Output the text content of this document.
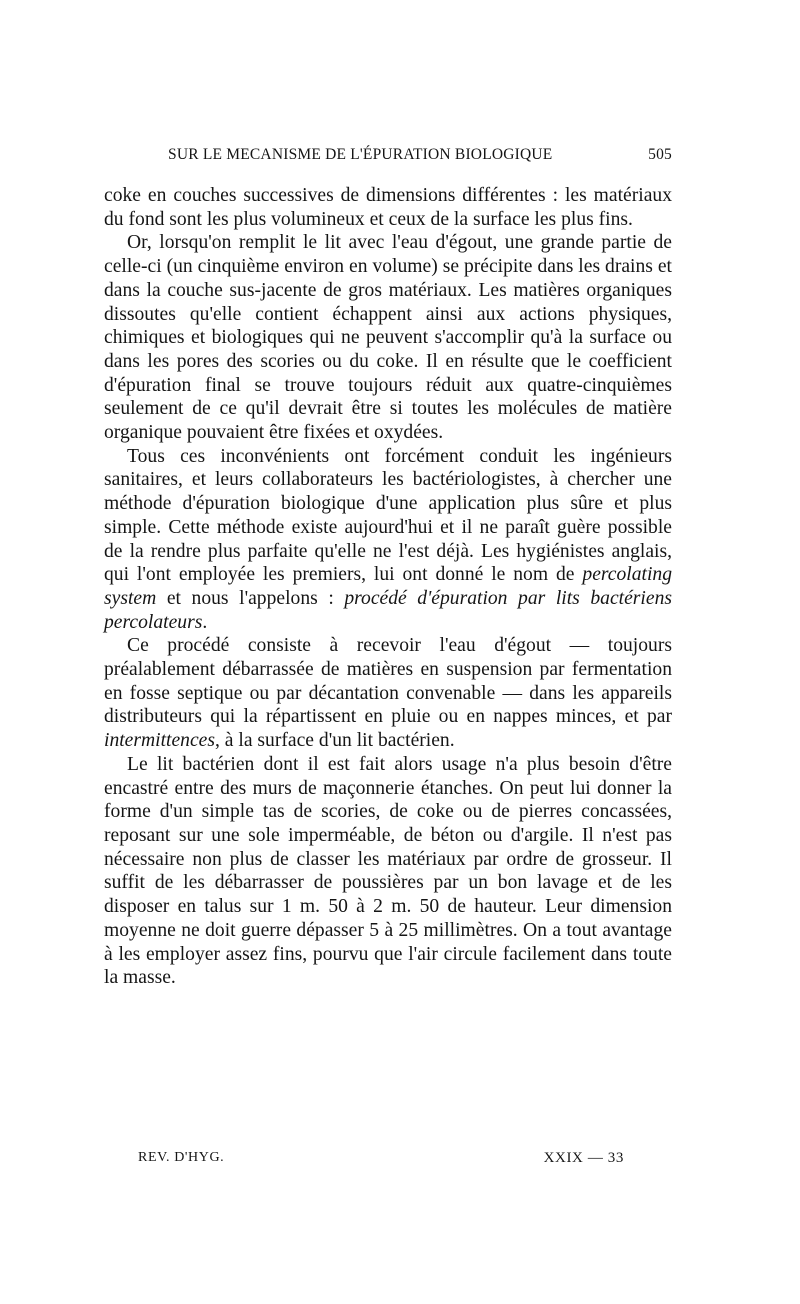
SUR LE MECANISME DE L'ÉPURATION BIOLOGIQUE	505

coke en couches successives de dimensions différentes : les matériaux du fond sont les plus volumineux et ceux de la surface les plus fins.

Or, lorsqu'on remplit le lit avec l'eau d'égout, une grande partie de celle-ci (un cinquième environ en volume) se précipite dans les drains et dans la couche sus-jacente de gros matériaux. Les matières organiques dissoutes qu'elle contient échappent ainsi aux actions physiques, chimiques et biologiques qui ne peuvent s'accomplir qu'à la surface ou dans les pores des scories ou du coke. Il en résulte que le coefficient d'épuration final se trouve toujours réduit aux quatre-cinquièmes seulement de ce qu'il devrait être si toutes les molécules de matière organique pouvaient être fixées et oxydées.

Tous ces inconvénients ont forcément conduit les ingénieurs sanitaires, et leurs collaborateurs les bactériologistes, à chercher une méthode d'épuration biologique d'une application plus sûre et plus simple. Cette méthode existe aujourd'hui et il ne paraît guère possible de la rendre plus parfaite qu'elle ne l'est déjà. Les hygiénistes anglais, qui l'ont employée les premiers, lui ont donné le nom de percolating system et nous l'appelons : procédé d'épuration par lits bactériens percolateurs.

Ce procédé consiste à recevoir l'eau d'égout — toujours préalablement débarrassée de matières en suspension par fermentation en fosse septique ou par décantation convenable — dans les appareils distributeurs qui la répartissent en pluie ou en nappes minces, et par intermittences, à la surface d'un lit bactérien.

Le lit bactérien dont il est fait alors usage n'a plus besoin d'être encastré entre des murs de maçonnerie étanches. On peut lui donner la forme d'un simple tas de scories, de coke ou de pierres concassées, reposant sur une sole imperméable, de béton ou d'argile. Il n'est pas nécessaire non plus de classer les matériaux par ordre de grosseur. Il suffit de les débarrasser de poussières par un bon lavage et de les disposer en talus sur 1 m. 50 à 2 m. 50 de hauteur. Leur dimension moyenne ne doit guerre dépasser 5 à 25 millimètres. On a tout avantage à les employer assez fins, pourvu que l'air circule facilement dans toute la masse.

REV. D'HYG.	XXIX — 33
